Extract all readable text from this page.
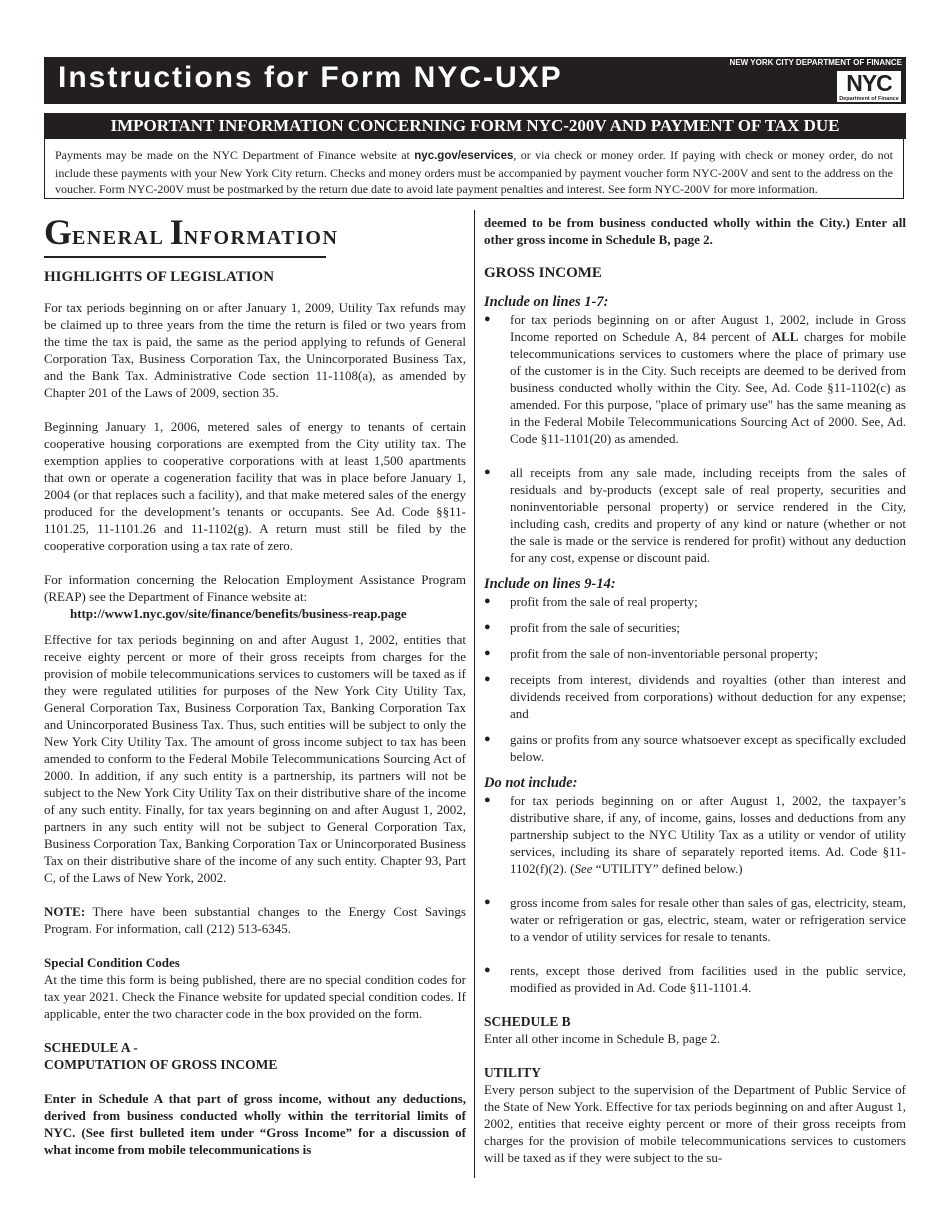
Instructions for Form NYC-UXP	NEW YORK CITY DEPARTMENT OF FINANCE
NYC
Department of Finance
IMPORTANT INFORMATION CONCERNING FORM NYC-200V AND PAYMENT OF TAX DUE
Payments may be made on the NYC Department of Finance website at nyc.gov/eservices, or via check or money order. If paying with check or money order, do not include these payments with your New York City return. Checks and money orders must be accompanied by payment voucher form NYC-200V and sent to the address on the voucher. Form NYC-200V must be postmarked by the return due date to avoid late payment penalties and interest. See form NYC-200V for more information.
GENERAL INFORMATION

HIGHLIGHTS OF LEGISLATION

For tax periods beginning on or after January 1, 2009, Utility Tax refunds may be claimed up to three years from the time the return is filed or two years from the time the tax is paid, the same as the period applying to refunds of General Corporation Tax, Business Corporation Tax, the Unincorporated Business Tax, and the Bank Tax. Administrative Code section 11-1108(a), as amended by Chapter 201 of the Laws of 2009, section 35.

Beginning January 1, 2006, metered sales of energy to tenants of certain cooperative housing corporations are exempted from the City utility tax. The exemption applies to cooperative corporations with at least 1,500 apartments that own or operate a cogeneration facility that was in place before January 1, 2004 (or that replaces such a facility), and that make metered sales of the energy produced for the development’s tenants or occupants. See Ad. Code §§11-1101.25, 11-1101.26 and 11-1102(g). A return must still be filed by the cooperative corporation using a tax rate of zero.

For information concerning the Relocation Employment Assistance Program (REAP) see the Department of Finance website at:

http://www1.nyc.gov/site/finance/benefits/business-reap.page

Effective for tax periods beginning on and after August 1, 2002, entities that receive eighty percent or more of their gross receipts from charges for the provision of mobile telecommunications services to customers will be taxed as if they were regulated utilities for purposes of the New York City Utility Tax, General Corporation Tax, Business Corporation Tax, Banking Corporation Tax and Unincorporated Business Tax. Thus, such entities will be subject to only the New York City Utility Tax. The amount of gross income subject to tax has been amended to conform to the Federal Mobile Telecommunications Sourcing Act of 2000. In addition, if any such entity is a partnership, its partners will not be subject to the New York City Utility Tax on their distributive share of the income of any such entity. Finally, for tax years beginning on and after August 1, 2002, partners in any such entity will not be subject to General Corporation Tax, Business Corporation Tax, Banking Corporation Tax or Unincorporated Business Tax on their distributive share of the income of any such entity. Chapter 93, Part C, of the Laws of New York, 2002.

NOTE: There have been substantial changes to the Energy Cost Savings Program. For information, call (212) 513-6345.

Special Condition Codes

At the time this form is being published, there are no special condition codes for tax year 2021. Check the Finance website for updated special condition codes. If applicable, enter the two character code in the box provided on the form.

SCHEDULE A -

COMPUTATION OF GROSS INCOME

Enter in Schedule A that part of gross income, without any deductions, derived from business conducted wholly within the territorial limits of NYC. (See first bulleted item under “Gross Income” for a discussion of what income from mobile telecommunications is

deemed to be from business conducted wholly within the City.) Enter all other gross income in Schedule B, page 2.

GROSS INCOME

Include on lines 1-7:

● for tax periods beginning on or after August 1, 2002, include in Gross Income reported on Schedule A, 84 percent of ALL charges for mobile telecommunications services to customers where the place of primary use of the customer is in the City. Such receipts are deemed to be derived from business conducted wholly within the City. See, Ad. Code §11-1102(c) as amended. For this purpose, "place of primary use" has the same meaning as in the Federal Mobile Telecommunications Sourcing Act of 2000. See, Ad. Code §11-1101(20) as amended.

● all receipts from any sale made, including receipts from the sales of residuals and by-products (except sale of real property, securities and noninventoriable personal property) or service rendered in the City, including cash, credits and property of any kind or nature (whether or not the sale is made or the service is rendered for profit) without any deduction for any cost, expense or discount paid.

Include on lines 9-14:

● profit from the sale of real property;

● profit from the sale of securities;

● profit from the sale of non-inventoriable personal property;

● receipts from interest, dividends and royalties (other than interest and dividends received from corporations) without deduction for any expense; and

● gains or profits from any source whatsoever except as specifically excluded below.

Do not include:

● for tax periods beginning on or after August 1, 2002, the taxpayer’s distributive share, if any, of income, gains, losses and deductions from any partnership subject to the NYC Utility Tax as a utility or vendor of utility services, including its share of separately reported items. Ad. Code §11-1102(f)(2). (See “UTILITY” defined below.)

● gross income from sales for resale other than sales of gas, electricity, steam, water or refrigeration or gas, electric, steam, water or refrigeration service to a vendor of utility services for resale to tenants.

● rents, except those derived from facilities used in the public service, modified as provided in Ad. Code §11-1101.4.

SCHEDULE B

Enter all other income in Schedule B, page 2.

UTILITY

Every person subject to the supervision of the Department of Public Service of the State of New York. Effective for tax periods beginning on and after August 1, 2002, entities that receive eighty percent or more of their gross receipts from charges for the provision of mobile telecommunications services to customers will be taxed as if they were subject to the su-
